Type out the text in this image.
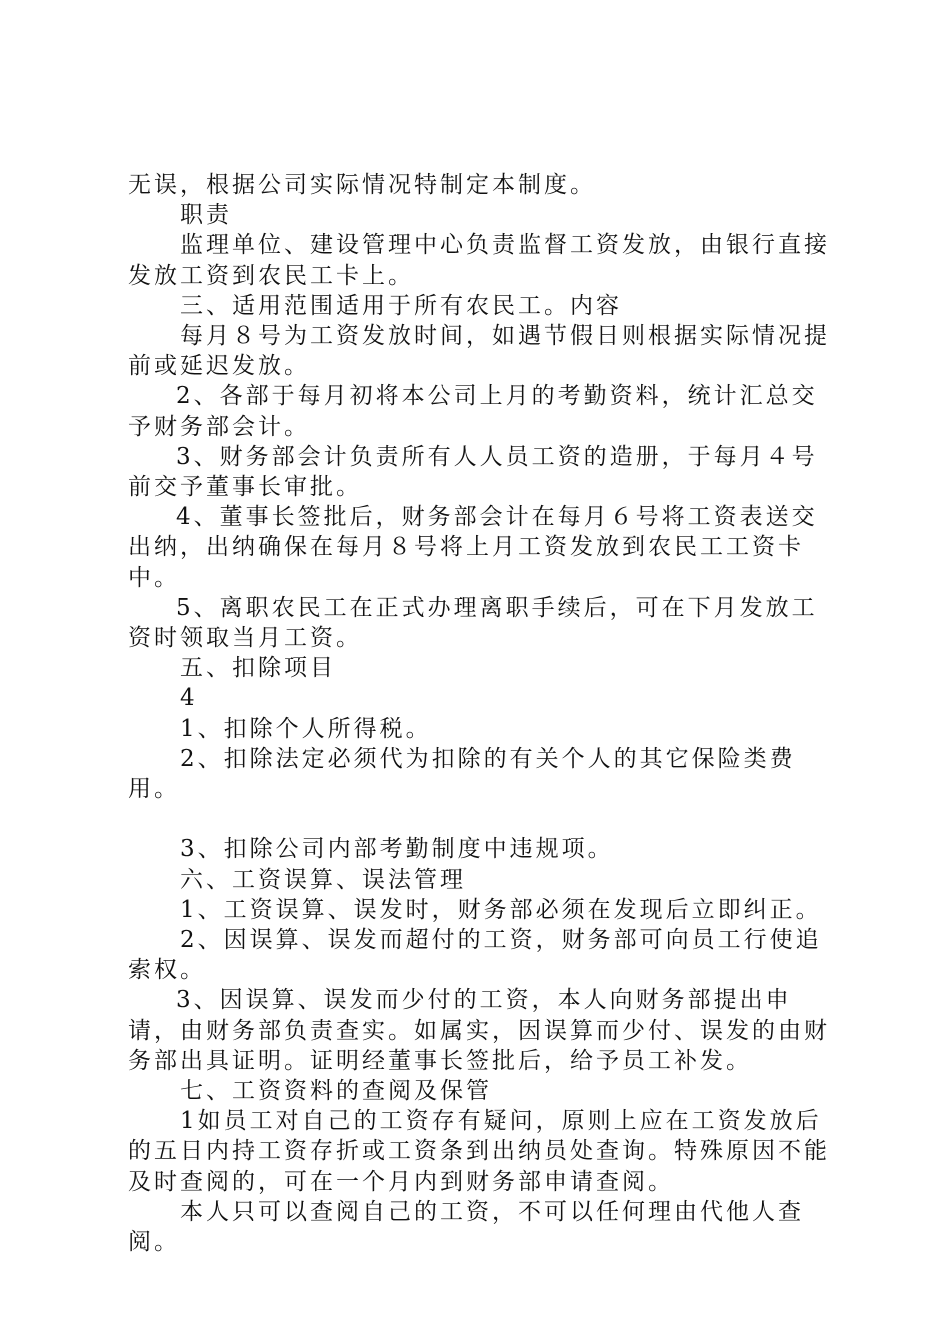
无误，根据公司实际情况特制定本制度。

职责

监理单位、建设管理中心负责监督工资发放，由银行直接发放工资到农民工卡上。

三、适用范围适用于所有农民工。内容

每月８号为工资发放时间，如遇节假日则根据实际情况提前或延迟发放。

2、各部于每月初将本公司上月的考勤资料，统计汇总交予财务部会计。

3、财务部会计负责所有人人员工资的造册，于每月４号前交予董事长审批。

4、董事长签批后，财务部会计在每月６号将工资表送交出纳，出纳确保在每月８号将上月工资发放到农民工工资卡中。

5、离职农民工在正式办理离职手续后，可在下月发放工资时领取当月工资。

五、扣除项目

4

1、扣除个人所得税。

2、扣除法定必须代为扣除的有关个人的其它保险类费用。

3、扣除公司内部考勤制度中违规项。

六、工资误算、误法管理

1、工资误算、误发时，财务部必须在发现后立即纠正。

2、因误算、误发而超付的工资，财务部可向员工行使追索权。

3、因误算、误发而少付的工资，本人向财务部提出申请，由财务部负责查实。如属实，因误算而少付、误发的由财务部出具证明。证明经董事长签批后，给予员工补发。

七、工资资料的查阅及保管

1如员工对自己的工资存有疑问，原则上应在工资发放后的五日内持工资存折或工资条到出纳员处查询。特殊原因不能及时查阅的，可在一个月内到财务部申请查阅。

本人只可以查阅自己的工资，不可以任何理由代他人查阅。
